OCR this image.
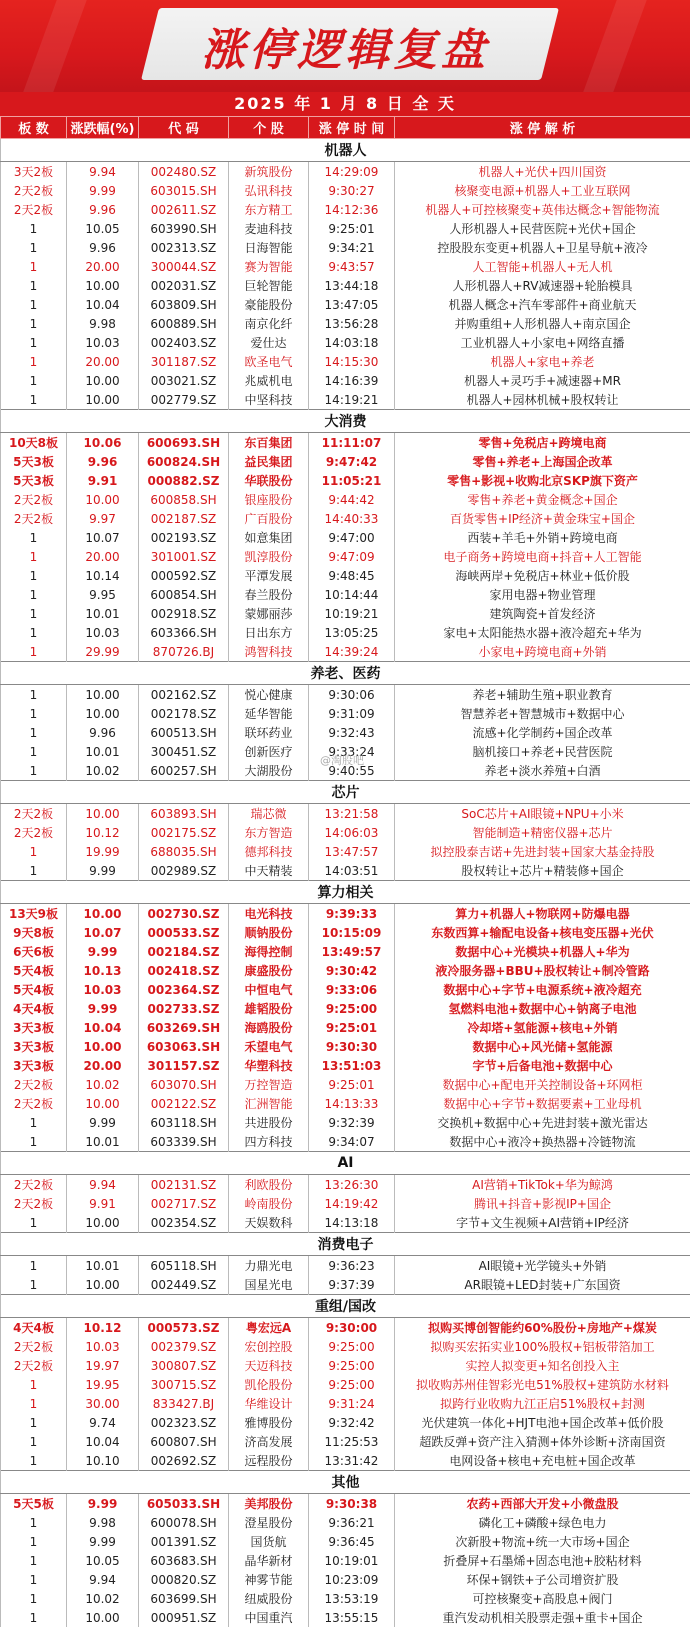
涨停逻辑复盘
2025 年 1 月 8 日 全 天
板 数	涨跌幅(%)	代 码	个 股	涨 停 时 间	涨 停 解 析
机器人					
3天2板	9.94	002480.SZ	新筑股份	14:29:09	机器人+光伏+四川国资
2天2板	9.99	603015.SH	弘讯科技	9:30:27	核聚变电源+机器人+工业互联网
2天2板	9.96	002611.SZ	东方精工	14:12:36	机器人+可控核聚变+英伟达概念+智能物流
1	10.05	603990.SH	麦迪科技	9:25:01	人形机器人+民营医院+光伏+国企
1	9.96	002313.SZ	日海智能	9:34:21	控股股东变更+机器人+卫星导航+液冷
1	20.00	300044.SZ	赛为智能	9:43:57	人工智能+机器人+无人机
1	10.00	002031.SZ	巨轮智能	13:44:18	人形机器人+RV减速器+轮胎模具
1	10.04	603809.SH	豪能股份	13:47:05	机器人概念+汽车零部件+商业航天
1	9.98	600889.SH	南京化纤	13:56:28	并购重组+人形机器人+南京国企
1	10.03	002403.SZ	爱仕达	14:03:18	工业机器人+小家电+网络直播
1	20.00	301187.SZ	欧圣电气	14:15:30	机器人+家电+养老
1	10.00	003021.SZ	兆威机电	14:16:39	机器人+灵巧手+减速器+MR
1	10.00	002779.SZ	中坚科技	14:19:21	机器人+园林机械+股权转让
大消费					
10天8板	10.06	600693.SH	东百集团	11:11:07	零售+免税店+跨境电商
5天3板	9.96	600824.SH	益民集团	9:47:42	零售+养老+上海国企改革
5天3板	9.91	000882.SZ	华联股份	11:05:21	零售+影视+收购北京SKP旗下资产
2天2板	10.00	600858.SH	银座股份	9:44:42	零售+养老+黄金概念+国企
2天2板	9.97	002187.SZ	广百股份	14:40:33	百货零售+IP经济+黄金珠宝+国企
1	10.07	002193.SZ	如意集团	9:47:00	西装+羊毛+外销+跨境电商
1	20.00	301001.SZ	凯淳股份	9:47:09	电子商务+跨境电商+抖音+人工智能
1	10.14	000592.SZ	平潭发展	9:48:45	海峡两岸+免税店+林业+低价股
1	9.95	600854.SH	春兰股份	10:14:44	家用电器+物业管理
1	10.01	002918.SZ	蒙娜丽莎	10:19:21	建筑陶瓷+首发经济
1	10.03	603366.SH	日出东方	13:05:25	家电+太阳能热水器+液冷超充+华为
1	29.99	870726.BJ	鸿智科技	14:39:24	小家电+跨境电商+外销
养老、医药					
1	10.00	002162.SZ	悦心健康	9:30:06	养老+辅助生殖+职业教育
1	10.00	002178.SZ	延华智能	9:31:09	智慧养老+智慧城市+数据中心
1	9.96	600513.SH	联环药业	9:32:43	流感+化学制药+国企改革
1	10.01	300451.SZ	创新医疗	9:33:24	脑机接口+养老+民营医院
1	10.02	600257.SH	大湖股份	9:40:55	养老+淡水养殖+白酒
芯片					
2天2板	10.00	603893.SH	瑞芯微	13:21:58	SoC芯片+AI眼镜+NPU+小米
2天2板	10.12	002175.SZ	东方智造	14:06:03	智能制造+精密仪器+芯片
1	19.99	688035.SH	德邦科技	13:47:57	拟控股泰吉诺+先进封装+国家大基金持股
1	9.99	002989.SZ	中天精装	14:03:51	股权转让+芯片+精装修+国企
算力相关					
13天9板	10.00	002730.SZ	电光科技	9:39:33	算力+机器人+物联网+防爆电器
9天8板	10.07	000533.SZ	顺钠股份	10:15:09	东数西算+输配电设备+核电变压器+光伏
6天6板	9.99	002184.SZ	海得控制	13:49:57	数据中心+光模块+机器人+华为
5天4板	10.13	002418.SZ	康盛股份	9:30:42	液冷服务器+BBU+股权转让+制冷管路
5天4板	10.03	002364.SZ	中恒电气	9:33:06	数据中心+字节+电源系统+液冷超充
4天4板	9.99	002733.SZ	雄韬股份	9:25:00	氢燃料电池+数据中心+钠离子电池
3天3板	10.04	603269.SH	海鸥股份	9:25:01	冷却塔+氢能源+核电+外销
3天3板	10.00	603063.SH	禾望电气	9:30:30	数据中心+风光储+氢能源
3天3板	20.00	301157.SZ	华塑科技	13:51:03	字节+后备电池+数据中心
2天2板	10.02	603070.SH	万控智造	9:25:01	数据中心+配电开关控制设备+环网柜
2天2板	10.00	002122.SZ	汇洲智能	14:13:33	数据中心+字节+数据要素+工业母机
1	9.99	603118.SH	共进股份	9:32:39	交换机+数据中心+先进封装+激光雷达
1	10.01	603339.SH	四方科技	9:34:07	数据中心+液冷+换热器+冷链物流
AI					
2天2板	9.94	002131.SZ	利欧股份	13:26:30	AI营销+TikTok+华为鲸鸿
2天2板	9.91	002717.SZ	岭南股份	14:19:42	腾讯+抖音+影视IP+国企
1	10.00	002354.SZ	天娱数科	14:13:18	字节+文生视频+AI营销+IP经济
消费电子					
1	10.01	605118.SH	力鼎光电	9:36:23	AI眼镜+光学镜头+外销
1	10.00	002449.SZ	国星光电	9:37:39	AR眼镜+LED封装+广东国资
重组/国改					
4天4板	10.12	000573.SZ	粤宏远A	9:30:00	拟购买博创智能约60%股份+房地产+煤炭
2天2板	10.03	002379.SZ	宏创控股	9:25:00	拟购买宏拓实业100%股权+铝板带箔加工
2天2板	19.97	300807.SZ	天迈科技	9:25:00	实控人拟变更+知名创投入主
1	19.95	300715.SZ	凯伦股份	9:25:00	拟收购苏州佳智彩光电51%股权+建筑防水材料
1	30.00	833427.BJ	华维设计	9:31:24	拟跨行业收购九江正启51%股权+封测
1	9.74	002323.SZ	雅博股份	9:32:42	光伏建筑一体化+HJT电池+国企改革+低价股
1	10.04	600807.SH	济高发展	11:25:53	超跌反弹+资产注入猜测+体外诊断+济南国资
1	10.10	002692.SZ	远程股份	13:31:42	电网设备+核电+充电桩+国企改革
其他					
5天5板	9.99	605033.SH	美邦股份	9:30:38	农药+西部大开发+小微盘股
1	9.98	600078.SH	澄星股份	9:36:21	磷化工+磷酸+绿色电力
1	9.99	001391.SZ	国货航	9:36:45	次新股+物流+统一大市场+国企
1	10.05	603683.SH	晶华新材	10:19:01	折叠屏+石墨烯+固态电池+胶粘材料
1	9.94	000820.SZ	神雾节能	10:23:09	环保+钢铁+子公司增资扩股
1	10.02	603699.SH	纽威股份	13:53:19	可控核聚变+高股息+阀门
1	10.00	000951.SZ	中国重汽	13:55:15	重汽发动机相关股票走强+重卡+国企
@淘股吧
